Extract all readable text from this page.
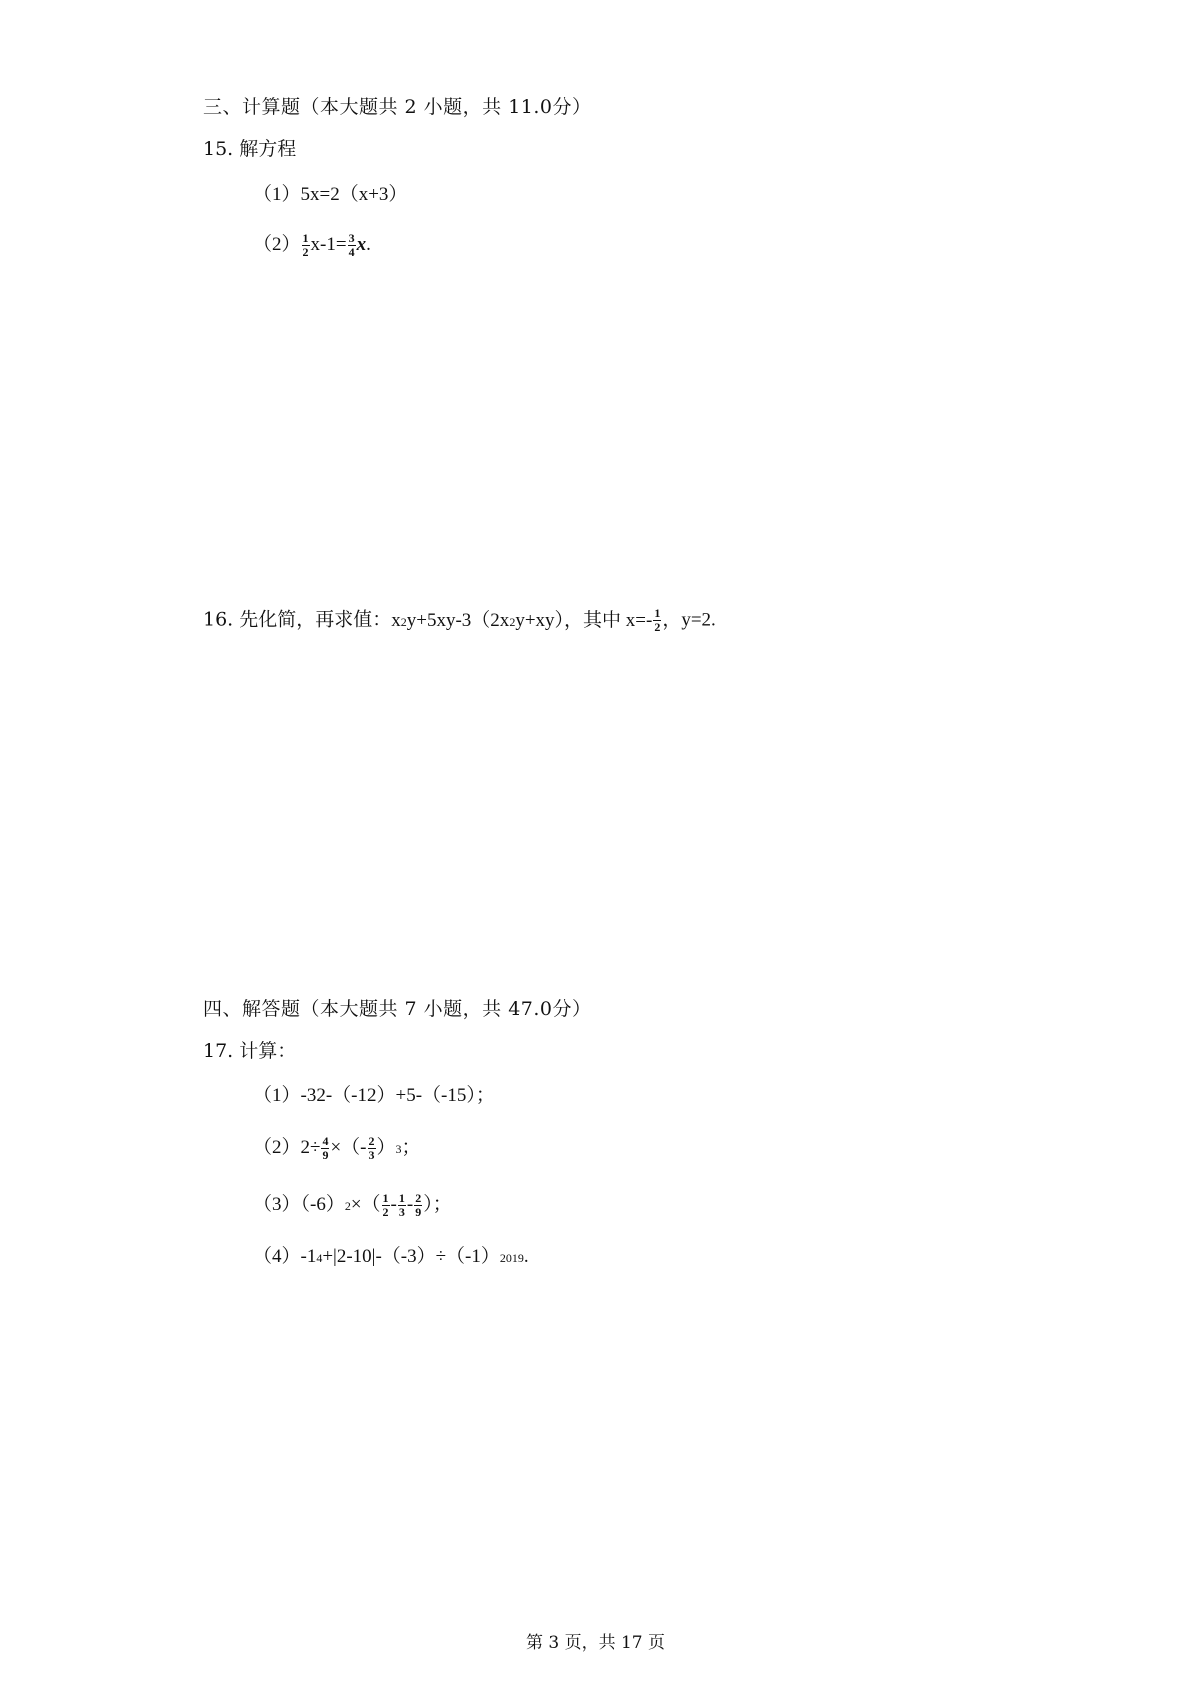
三、计算题（本大题共 2 小题，共 11.0分）
15. 解方程
（1）5x=2（x+3）
$(2) \frac{1}{2} x-1= \frac{3}{4} x$.
16. 先化简，再求值：x2y+5xy-3（2x2y+xy），其中 $x=- \frac{1}{2}$ ，y=2.
四、解答题（本大题共 7 小题，共 47.0分）
17. 计算：
（1）-32-（-12）+5-（-15）；
$(2)2\div \frac{4}{9}$ ×（- $\frac{2}{3} )3$；
$(3)(-6)2\times( \frac{1}{2} - \frac{1}{3} - \frac{2}{9}$ ）；
（4）-14+|2-10|-（-3）÷（-1）2019.
第 3 页，共 17 页
